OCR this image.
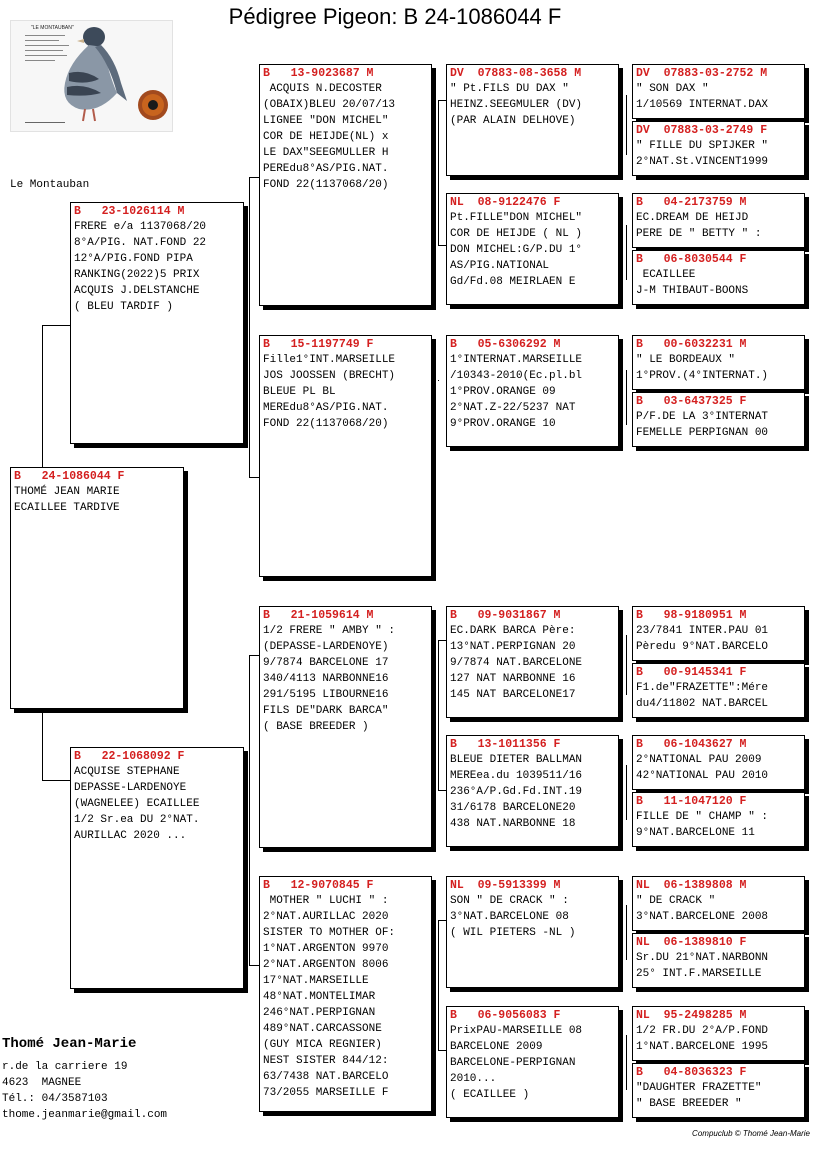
Pédigree Pigeon: B 24-1086044 F
"LE MONTAUBAN"
Le Montauban
B   24-1086044 F
THOMÉ JEAN MARIE
ECAILLEE TARDIVE
B   23-1026114 M
FRERE e/a 1137068/20
8°A/PIG. NAT.FOND 22
12°A/PIG.FOND PIPA
RANKING(2022)5 PRIX
ACQUIS J.DELSTANCHE
( BLEU TARDIF )
B   22-1068092 F
ACQUISE STEPHANE
DEPASSE-LARDENOYE
(WAGNELEE) ECAILLEE
1/2 Sr.ea DU 2°NAT.
AURILLAC 2020 ...
B   13-9023687 M
ACQUIS N.DECOSTER
(OBAIX)BLEU 20/07/13
LIGNEE "DON MICHEL"
COR DE HEIJDE(NL) x
LE DAX"SEEGMULLER H
PEREdu8°AS/PIG.NAT.
FOND 22(1137068/20)
B   15-1197749 F
Fille1°INT.MARSEILLE
JOS JOOSSEN (BRECHT)
BLEUE PL BL
MEREdu8°AS/PIG.NAT.
FOND 22(1137068/20)
B   21-1059614 M
1/2 FRERE " AMBY " :
(DEPASSE-LARDENOYE)
9/7874 BARCELONE 17
340/4113 NARBONNE16
291/5195 LIBOURNE16
FILS DE"DARK BARCA"
( BASE BREEDER )
B   12-9070845 F
MOTHER " LUCHI " :
2°NAT.AURILLAC 2020
SISTER TO MOTHER OF:
1°NAT.ARGENTON 9970
2°NAT.ARGENTON 8006
17°NAT.MARSEILLE
48°NAT.MONTELIMAR
246°NAT.PERPIGNAN
489°NAT.CARCASSONE
(GUY MICA REGNIER)
NEST SISTER 844/12:
63/7438 NAT.BARCELO
73/2055 MARSEILLE F
DV  07883-08-3658 M
" Pt.FILS DU DAX "
HEINZ.SEEGMULER (DV)
(PAR ALAIN DELHOVE)
NL  08-9122476 F
Pt.FILLE"DON MICHEL"
COR DE HEIJDE ( NL )
DON MICHEL:G/P.DU 1°
AS/PIG.NATIONAL
Gd/Fd.08 MEIRLAEN E
B   05-6306292 M
1°INTERNAT.MARSEILLE
/10343-2010(Ec.pl.bl
1°PROV.ORANGE 09
2°NAT.Z-22/5237 NAT
9°PROV.ORANGE 10
B   09-9031867 M
EC.DARK BARCA Père:
13°NAT.PERPIGNAN 20
9/7874 NAT.BARCELONE
127 NAT NARBONNE 16
145 NAT BARCELONE17
B   13-1011356 F
BLEUE DIETER BALLMAN
MEREea.du 1039511/16
236°A/P.Gd.Fd.INT.19
31/6178 BARCELONE20
438 NAT.NARBONNE 18
NL  09-5913399 M
SON " DE CRACK " :
3°NAT.BARCELONE 08
( WIL PIETERS -NL )
B   06-9056083 F
PrixPAU-MARSEILLE 08
BARCELONE 2009
BARCELONE-PERPIGNAN
2010...
( ECAILLEE )
DV  07883-03-2752 M
" SON DAX "
1/10569 INTERNAT.DAX
DV  07883-03-2749 F
" FILLE DU SPIJKER "
2°NAT.St.VINCENT1999
B   04-2173759 M
EC.DREAM DE HEIJD
PERE DE " BETTY " :
B   06-8030544 F
ECAILLEE
J-M THIBAUT-BOONS
B   00-6032231 M
" LE BORDEAUX "
1°PROV.(4°INTERNAT.)
B   03-6437325 F
P/F.DE LA 3°INTERNAT
FEMELLE PERPIGNAN 00
B   98-9180951 M
23/7841 INTER.PAU 01
Pèredu 9°NAT.BARCELO
B   00-9145341 F
F1.de"FRAZETTE":Mére
du4/11802 NAT.BARCEL
B   06-1043627 M
2°NATIONAL PAU 2009
42°NATIONAL PAU 2010
B   11-1047120 F
FILLE DE " CHAMP " :
9°NAT.BARCELONE 11
NL  06-1389808 M
" DE CRACK "
3°NAT.BARCELONE 2008
NL  06-1389810 F
Sr.DU 21°NAT.NARBONN
25° INT.F.MARSEILLE
NL  95-2498285 M
1/2 FR.DU 2°A/P.FOND
1°NAT.BARCELONE 1995
B   04-8036323 F
"DAUGHTER FRAZETTE"
" BASE BREEDER "
Thomé Jean-Marie
r.de la carriere 19
4623  MAGNEE
Tél.: 04/3587103
thome.jeanmarie@gmail.com
Compuclub © Thomé Jean-Marie
